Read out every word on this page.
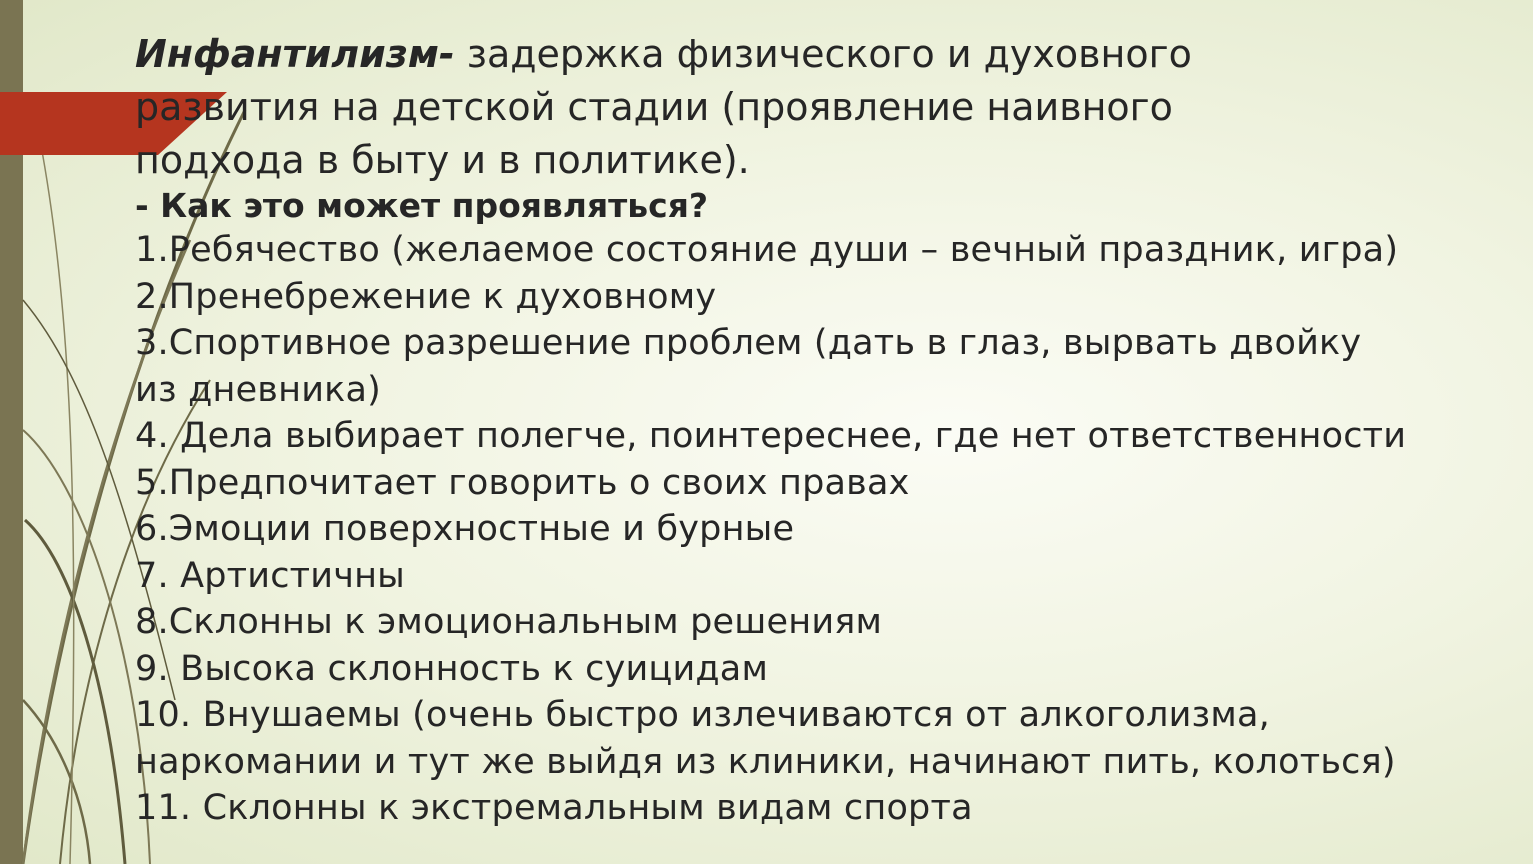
Инфантилизм- задержка физического и духовного
развития на детской стадии (проявление наивного
подхода в быту и в политике).
- Как это может проявляться?
1.Ребячество (желаемое состояние души – вечный праздник, игра)
2.Пренебрежение к духовному
3.Спортивное разрешение проблем (дать в глаз, вырвать двойку
из дневника)
4. Дела выбирает полегче, поинтереснее, где нет ответственности
5.Предпочитает говорить о своих правах
6.Эмоции поверхностные и бурные
7. Артистичны
8.Склонны к эмоциональным решениям
9. Высока склонность к суицидам
10. Внушаемы (очень быстро излечиваются от алкоголизма,
наркомании и тут же выйдя из клиники, начинают пить, колоться)
11. Склонны к экстремальным видам спорта
